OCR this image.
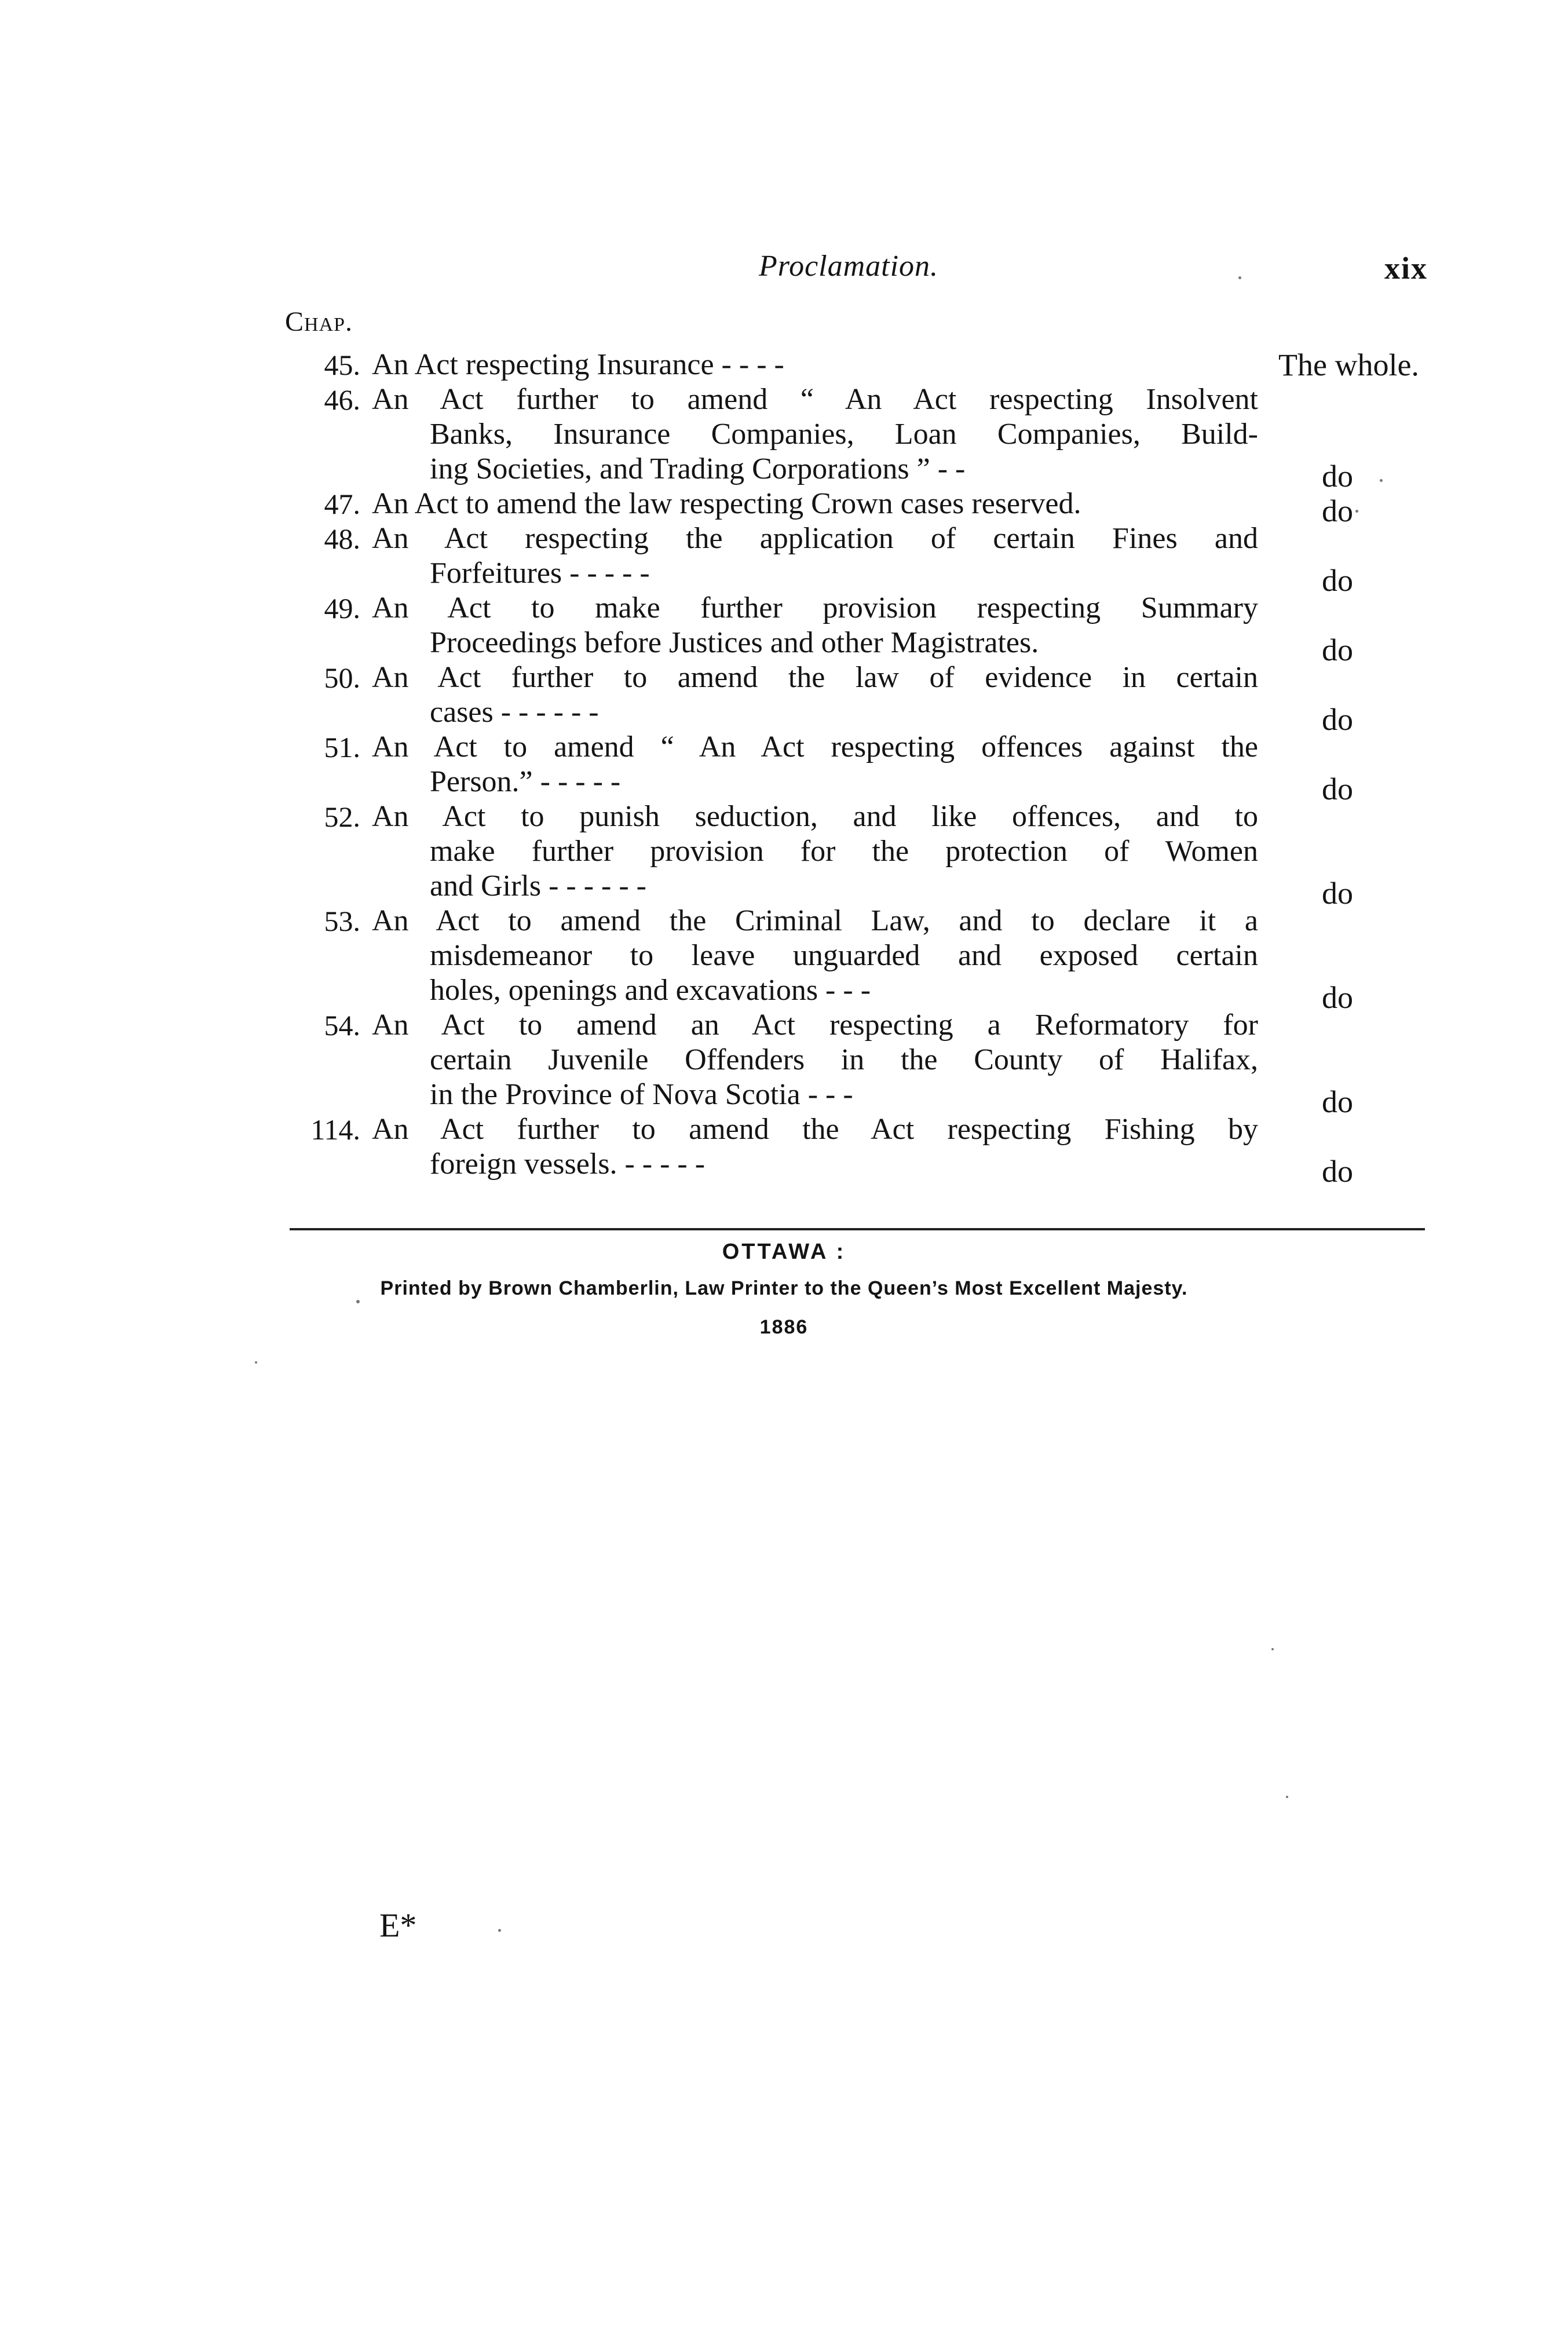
Proclamation.	xix
Chap.
45. An Act respecting Insurance - - - -	The whole.
46. An Act further to amend “ An Act respecting Insolvent
Banks, Insurance Companies, Loan Companies, Build-
ing Societies, and Trading Corporations ” - -	do
47. An Act to amend the law respecting Crown cases reserved.	do
48. An Act respecting the application of certain Fines and
Forfeitures - - - - -	do
49. An Act to make further provision respecting Summary
Proceedings before Justices and other Magistrates.	do
50. An Act further to amend the law of evidence in certain
cases - - - - - -	do
51. An Act to amend “ An Act respecting offences against the
Person.” - - - - -	do
52. An Act to punish seduction, and like offences, and to
make further provision for the protection of Women
and Girls - - - - - -	do
53. An Act to amend the Criminal Law, and to declare it a
misdemeanor to leave unguarded and exposed certain
holes, openings and excavations - - -	do
54. An Act to amend an Act respecting a Reformatory for
certain Juvenile Offenders in the County of Halifax,
in the Province of Nova Scotia - - -	do
114. An Act further to amend the Act respecting Fishing by
foreign vessels. - - - - -	do
OTTAWA :
Printed by Brown Chamberlin, Law Printer to the Queen’s Most Excellent Majesty.
1886
E*
